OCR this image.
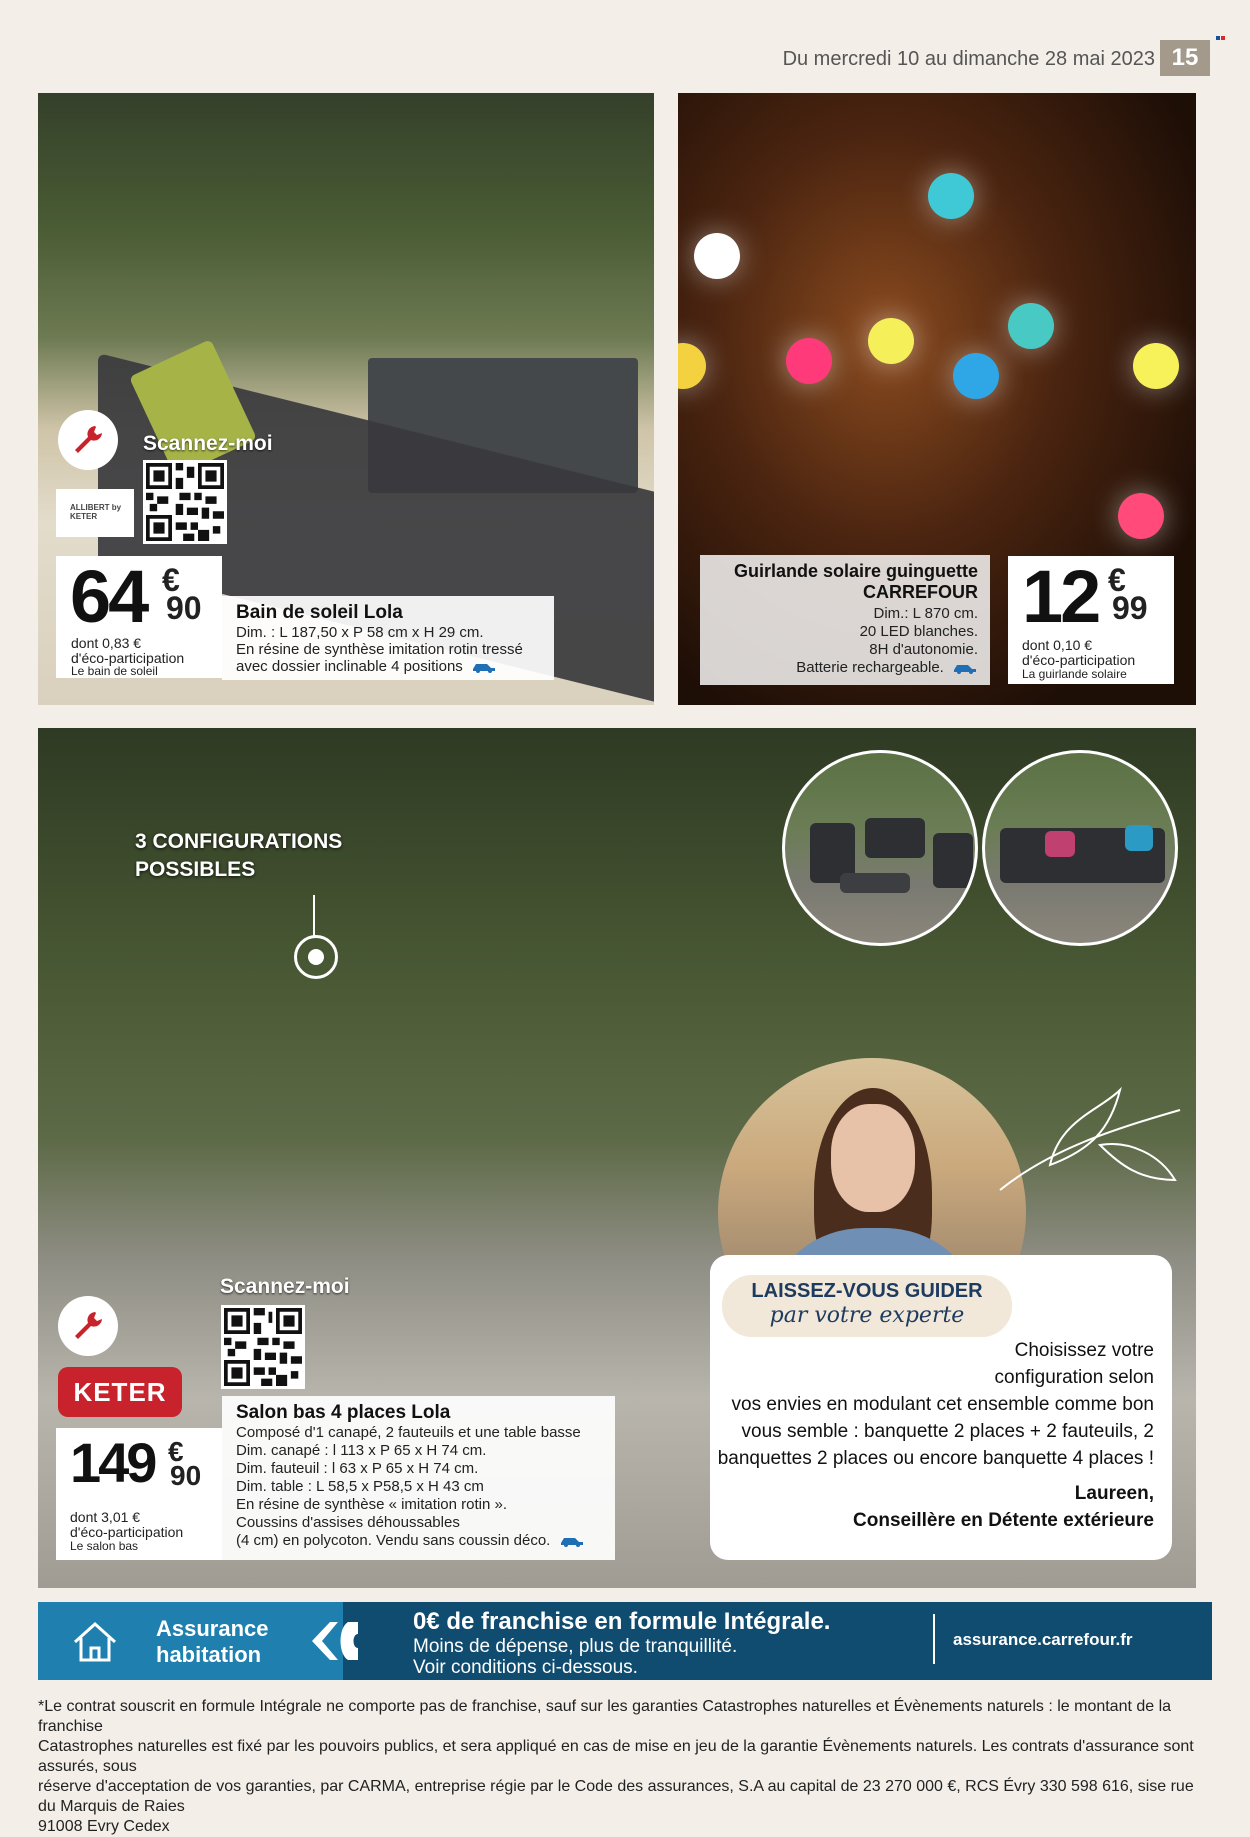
Du mercredi 10 au dimanche 28 mai 2023 15
Scannez-moi
ALLIBERT by KETER
64 €
90
dont 0,83 €
d'éco-participation
Le bain de soleil
Bain de soleil Lola
Dim. : L 187,50 x P 58 cm x H 29 cm.
En résine de synthèse imitation rotin tressé
avec dossier inclinable 4 positions
Guirlande solaire guinguette
CARREFOUR
Dim.: L 870 cm.
20 LED blanches.
8H d'autonomie.
Batterie rechargeable.
12 €
99
dont 0,10 €
d'éco-participation
La guirlande solaire
3 CONFIGURATIONS
POSSIBLES
Scannez-moi
KETER
149 €
90
dont 3,01 €
d'éco-participation
Le salon bas
Salon bas 4 places Lola
Composé d'1 canapé, 2 fauteuils et une table basse
Dim. canapé : l 113 x P 65 x H 74 cm.
Dim. fauteuil : l 63 x P 65 x H 74 cm.
Dim. table : L 58,5 x P58,5 x H 43 cm
En résine de synthèse « imitation rotin ».
Coussins d'assises déhoussables
(4 cm) en polycoton. Vendu sans coussin déco.
Choisissez votre
configuration selon
vos envies en modulant cet ensemble comme bon
vous semble : banquette 2 places + 2 fauteuils, 2
banquettes 2 places ou encore banquette 4 places !
Laureen,
Conseillère en Détente extérieure
LAISSEZ-VOUS GUIDER
par votre experte
Assurance
habitation
0€ de franchise en formule Intégrale.
Moins de dépense, plus de tranquillité.
Voir conditions ci-dessous.
assurance.carrefour.fr
*Le contrat souscrit en formule Intégrale ne comporte pas de franchise, sauf sur les garanties Catastrophes naturelles et Évènements naturels : le montant de la franchise
Catastrophes naturelles est fixé par les pouvoirs publics, et sera appliqué en cas de mise en jeu de la garantie Évènements naturels. Les contrats d'assurance sont assurés, sous
réserve d'acceptation de vos garanties, par CARMA, entreprise régie par le Code des assurances, S.A au capital de 23 270 000 €, RCS Évry 330 598 616, sise rue du Marquis de Raies
91008 Evry Cedex
